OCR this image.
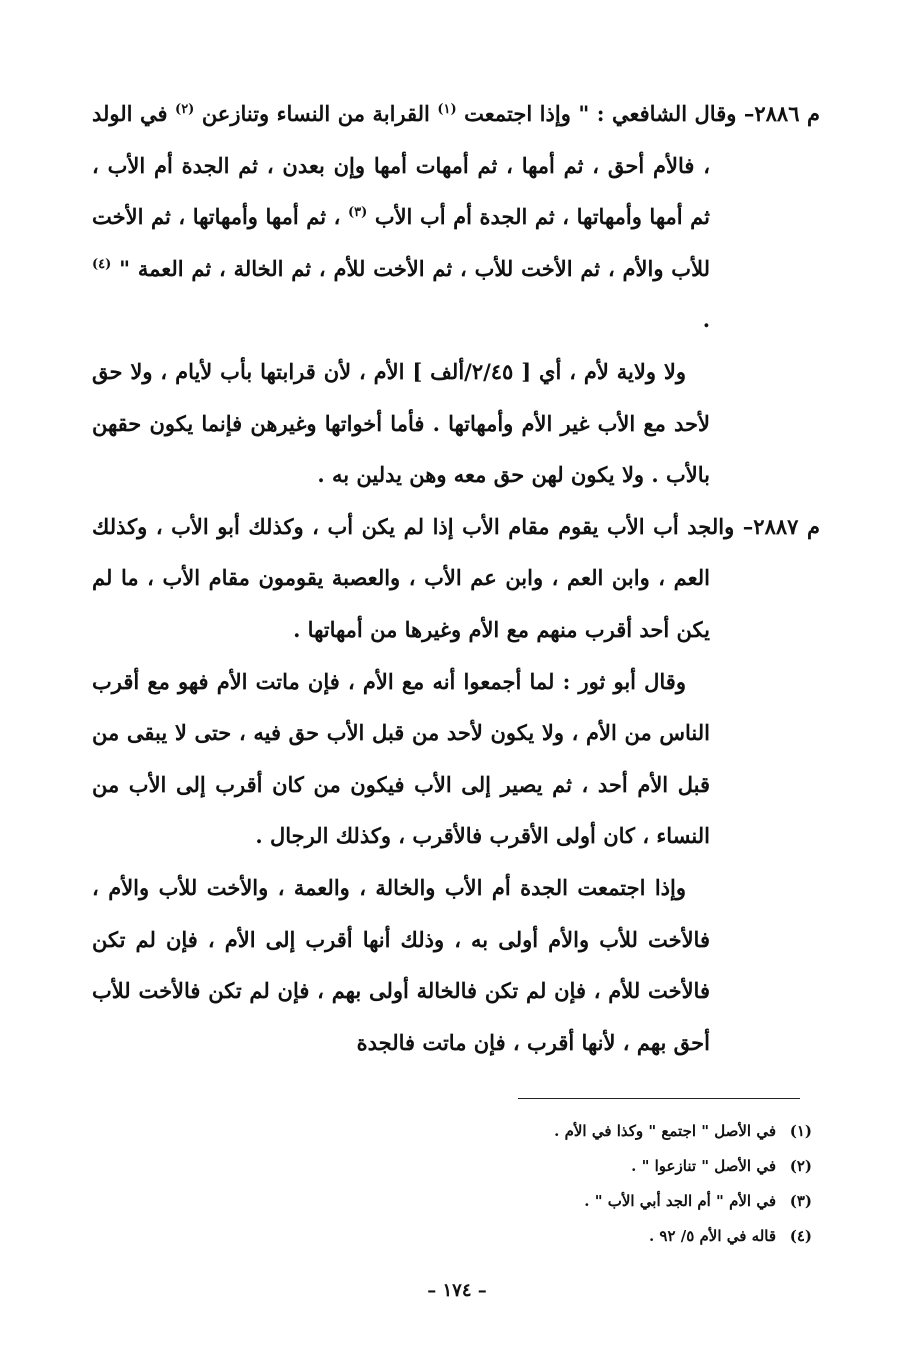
م ٢٨٨٦– وقال الشافعي : " وإذا اجتمعت $^{(١)}$ القرابة من النساء وتنازعن $^{(٢)}$ في الولد ، فالأم أحق ، ثم أمها ، ثم أمهات أمها وإن بعدن ، ثم الجدة أم الأب ، ثم أمها وأمهاتها ، ثم الجدة أم أب الأب $^{(٣)}$ ، ثم أمها وأمهاتها ، ثم الأخت للأب والأم ، ثم الأخت للأب ، ثم الأخت للأم ، ثم الخالة ، ثم العمة " $^{(٤)}$ .

ولا ولاية لأم ، أي [ ٢/٤٥/ألف ] الأم ، لأن قرابتها بأب لأيام ، ولا حق لأحد مع الأب غير الأم وأمهاتها . فأما أخواتها وغيرهن فإنما يكون حقهن بالأب . ولا يكون لهن حق معه وهن يدلين به .

م ٢٨٨٧– والجد أب الأب يقوم مقام الأب إذا لم يكن أب ، وكذلك أبو الأب ، وكذلك العم ، وابن العم ، وابن عم الأب ، والعصبة يقومون مقام الأب ، ما لم يكن أحد أقرب منهم مع الأم وغيرها من أمهاتها .

وقال أبو ثور : لما أجمعوا أنه مع الأم ، فإن ماتت الأم فهو مع أقرب الناس من الأم ، ولا يكون لأحد من قبل الأب حق فيه ، حتى لا يبقى من قبل الأم أحد ، ثم يصير إلى الأب فيكون من كان أقرب إلى الأب من النساء ، كان أولى الأقرب فالأقرب ، وكذلك الرجال .

وإذا اجتمعت الجدة أم الأب والخالة ، والعمة ، والأخت للأب والأم ، فالأخت للأب والأم أولى به ، وذلك أنها أقرب إلى الأم ، فإن لم تكن فالأخت للأم ، فإن لم تكن فالخالة أولى بهم ، فإن لم تكن فالأخت للأب أحق بهم ، لأنها أقرب ، فإن ماتت فالجدة

(١)في الأصل " اجتمع " وكذا في الأم .
(٢)في الأصل " تنازعوا " .
(٣)في الأم " أم الجد أبي الأب " .
(٤)قاله في الأم ٥/ ٩٢ .
– ١٧٤ –
